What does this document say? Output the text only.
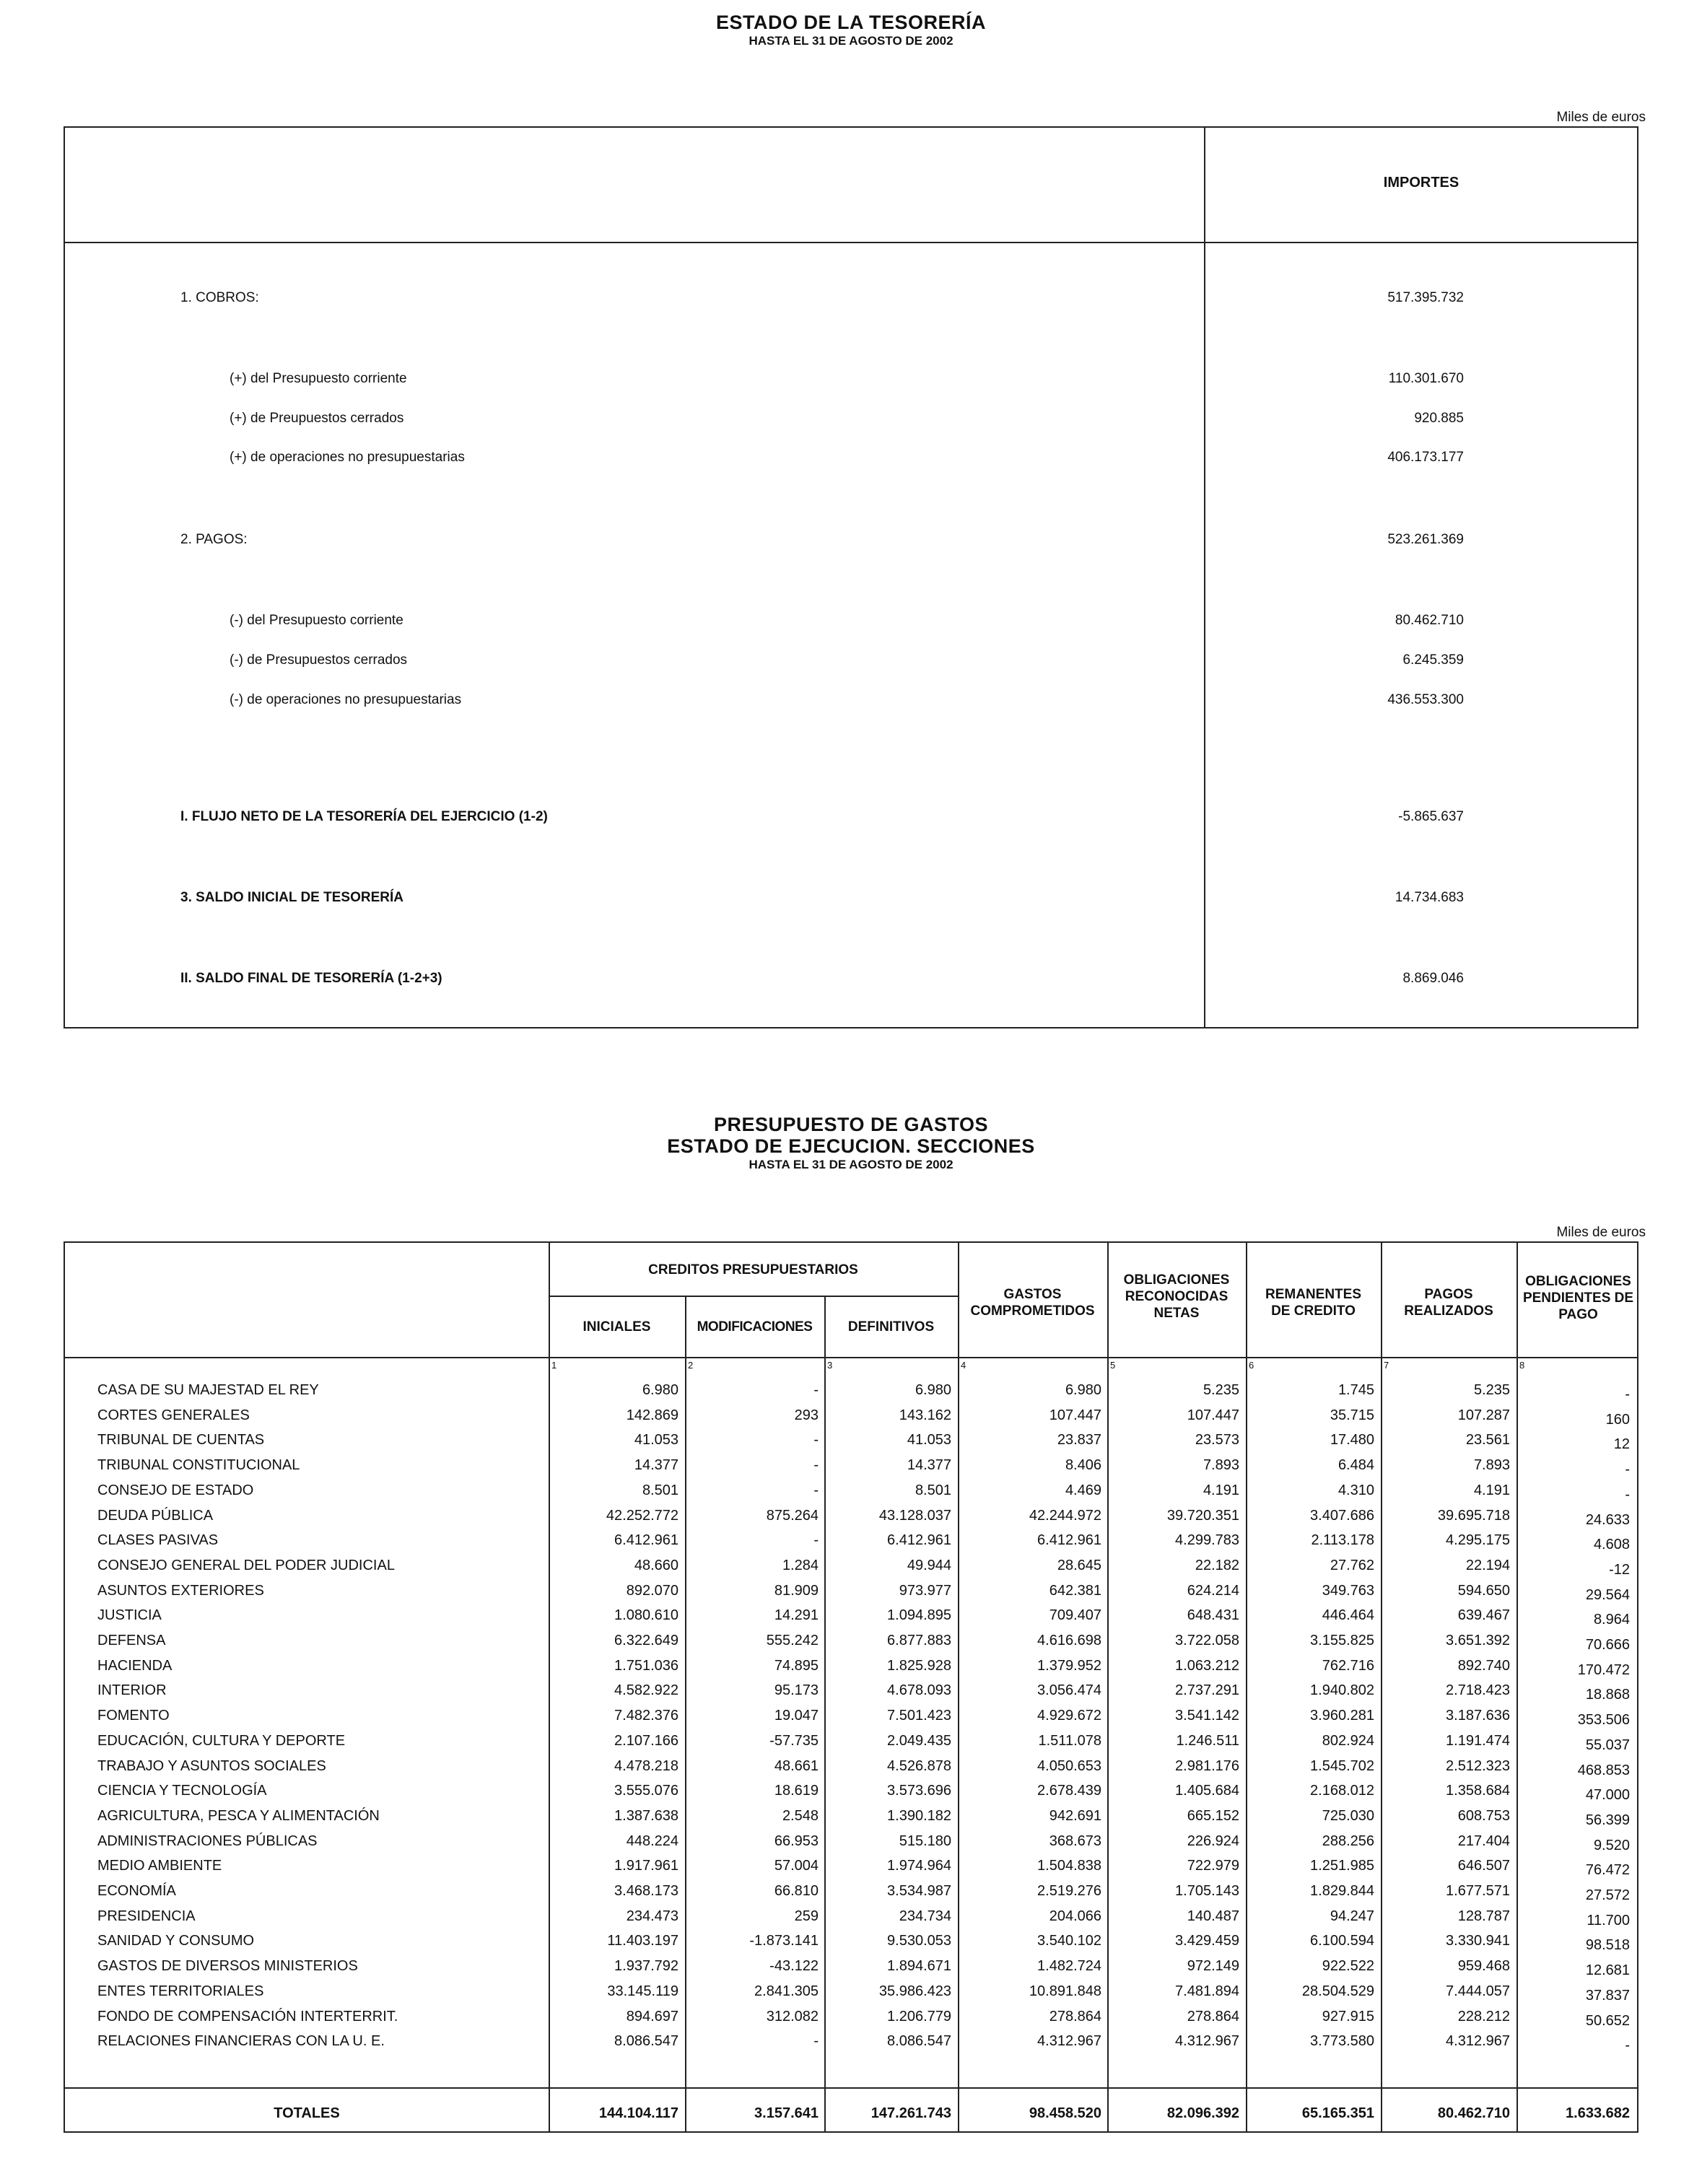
ESTADO DE LA TESORERÍA
HASTA EL 31 DE AGOSTO DE 2002
Miles de euros
IMPORTES
1. COBROS:	517.395.732
(+) del Presupuesto corriente	110.301.670
(+) de Preupuestos cerrados	920.885
(+) de operaciones no presupuestarias	406.173.177
2. PAGOS:	523.261.369
(-) del Presupuesto corriente	80.462.710
(-) de Presupuestos cerrados	6.245.359
(-) de operaciones no presupuestarias	436.553.300
I. FLUJO NETO DE LA TESORERÍA DEL EJERCICIO (1-2)	-5.865.637
3. SALDO INICIAL DE TESORERÍA	14.734.683
II. SALDO FINAL DE TESORERÍA (1-2+3)	8.869.046
PRESUPUESTO DE GASTOS
ESTADO DE EJECUCION. SECCIONES
HASTA EL 31 DE AGOSTO DE 2002
Miles de euros
CREDITOS PRESUPUESTARIOS
INICIALES	MODIFICACIONES	DEFINITIVOS
GASTOS
COMPROMETIDOS
OBLIGACIONES
RECONOCIDAS
NETAS
REMANENTES
DE CREDITO
PAGOS
REALIZADOS
OBLIGACIONES
PENDIENTES DE
PAGO
1	2	3	4	5	6	7	8
CASA DE SU MAJESTAD EL REY	6.980	-	6.980	6.980	5.235	1.745	5.235	-
CORTES GENERALES	142.869	293	143.162	107.447	107.447	35.715	107.287	160
TRIBUNAL DE CUENTAS	41.053	-	41.053	23.837	23.573	17.480	23.561	12
TRIBUNAL CONSTITUCIONAL	14.377	-	14.377	8.406	7.893	6.484	7.893	-
CONSEJO DE ESTADO	8.501	-	8.501	4.469	4.191	4.310	4.191	-
DEUDA PÚBLICA	42.252.772	875.264	43.128.037	42.244.972	39.720.351	3.407.686	39.695.718	24.633
CLASES PASIVAS	6.412.961	-	6.412.961	6.412.961	4.299.783	2.113.178	4.295.175	4.608
CONSEJO GENERAL DEL PODER JUDICIAL	48.660	1.284	49.944	28.645	22.182	27.762	22.194	-12
ASUNTOS EXTERIORES	892.070	81.909	973.977	642.381	624.214	349.763	594.650	29.564
JUSTICIA	1.080.610	14.291	1.094.895	709.407	648.431	446.464	639.467	8.964
DEFENSA	6.322.649	555.242	6.877.883	4.616.698	3.722.058	3.155.825	3.651.392	70.666
HACIENDA	1.751.036	74.895	1.825.928	1.379.952	1.063.212	762.716	892.740	170.472
INTERIOR	4.582.922	95.173	4.678.093	3.056.474	2.737.291	1.940.802	2.718.423	18.868
FOMENTO	7.482.376	19.047	7.501.423	4.929.672	3.541.142	3.960.281	3.187.636	353.506
EDUCACIÓN, CULTURA Y DEPORTE	2.107.166	-57.735	2.049.435	1.511.078	1.246.511	802.924	1.191.474	55.037
TRABAJO Y ASUNTOS SOCIALES	4.478.218	48.661	4.526.878	4.050.653	2.981.176	1.545.702	2.512.323	468.853
CIENCIA Y TECNOLOGÍA	3.555.076	18.619	3.573.696	2.678.439	1.405.684	2.168.012	1.358.684	47.000
AGRICULTURA, PESCA Y ALIMENTACIÓN	1.387.638	2.548	1.390.182	942.691	665.152	725.030	608.753	56.399
ADMINISTRACIONES PÚBLICAS	448.224	66.953	515.180	368.673	226.924	288.256	217.404	9.520
MEDIO AMBIENTE	1.917.961	57.004	1.974.964	1.504.838	722.979	1.251.985	646.507	76.472
ECONOMÍA	3.468.173	66.810	3.534.987	2.519.276	1.705.143	1.829.844	1.677.571	27.572
PRESIDENCIA	234.473	259	234.734	204.066	140.487	94.247	128.787	11.700
SANIDAD Y CONSUMO	11.403.197	-1.873.141	9.530.053	3.540.102	3.429.459	6.100.594	3.330.941	98.518
GASTOS DE DIVERSOS MINISTERIOS	1.937.792	-43.122	1.894.671	1.482.724	972.149	922.522	959.468	12.681
ENTES TERRITORIALES	33.145.119	2.841.305	35.986.423	10.891.848	7.481.894	28.504.529	7.444.057	37.837
FONDO DE COMPENSACIÓN INTERTERRIT.	894.697	312.082	1.206.779	278.864	278.864	927.915	228.212	50.652
RELACIONES FINANCIERAS CON LA U. E.	8.086.547	-	8.086.547	4.312.967	4.312.967	3.773.580	4.312.967	-
TOTALES	144.104.117	3.157.641	147.261.743	98.458.520	82.096.392	65.165.351	80.462.710	1.633.682
